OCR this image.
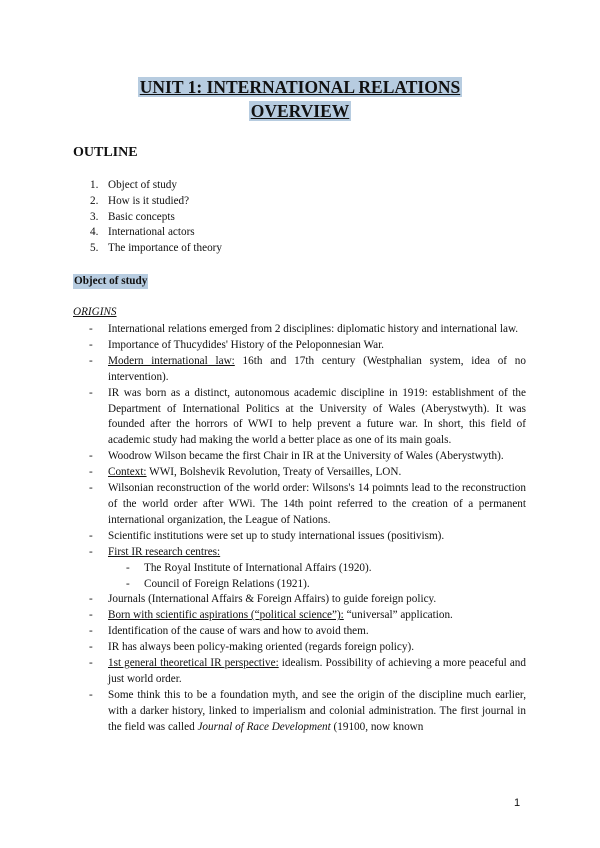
UNIT 1: INTERNATIONAL RELATIONS
OVERVIEW
OUTLINE
1. Object of study
2. How is it studied?
3. Basic concepts
4. International actors
5. The importance of theory
Object of study
ORIGINS
- International relations emerged from 2 disciplines: diplomatic history and international law.
- Importance of Thucydides' History of the Peloponnesian War.
- Modern international law: 16th and 17th century (Westphalian system, idea of no intervention).
- IR was born as a distinct, autonomous academic discipline in 1919: establishment of the Department of International Politics at the University of Wales (Aberystwyth). It was founded after the horrors of WWI to help prevent a future war. In short, this field of academic study had making the world a better place as one of its main goals.
- Woodrow Wilson became the first Chair in IR at the University of Wales (Aberystwyth).
- Context: WWI, Bolshevik Revolution, Treaty of Versailles, LON.
- Wilsonian reconstruction of the world order: Wilsons's 14 poimnts lead to the reconstruction of the world order after WWi. The 14th point referred to the creation of a permanent international organization, the League of Nations.
- Scientific institutions were set up to study international issues (positivism).
- First IR research centres:
- The Royal Institute of International Affairs (1920).
- Council of Foreign Relations (1921).
- Journals (International Affairs & Foreign Affairs) to guide foreign policy.
- Born with scientific aspirations (“political science”): “universal” application.
- Identification of the cause of wars and how to avoid them.
- IR has always been policy-making oriented (regards foreign policy).
- 1st general theoretical IR perspective: idealism. Possibility of achieving a more peaceful and just world order.
- Some think this to be a foundation myth, and see the origin of the discipline much earlier, with a darker history, linked to imperialism and colonial administration. The first journal in the field was called Journal of Race Development (19100, now known
1
